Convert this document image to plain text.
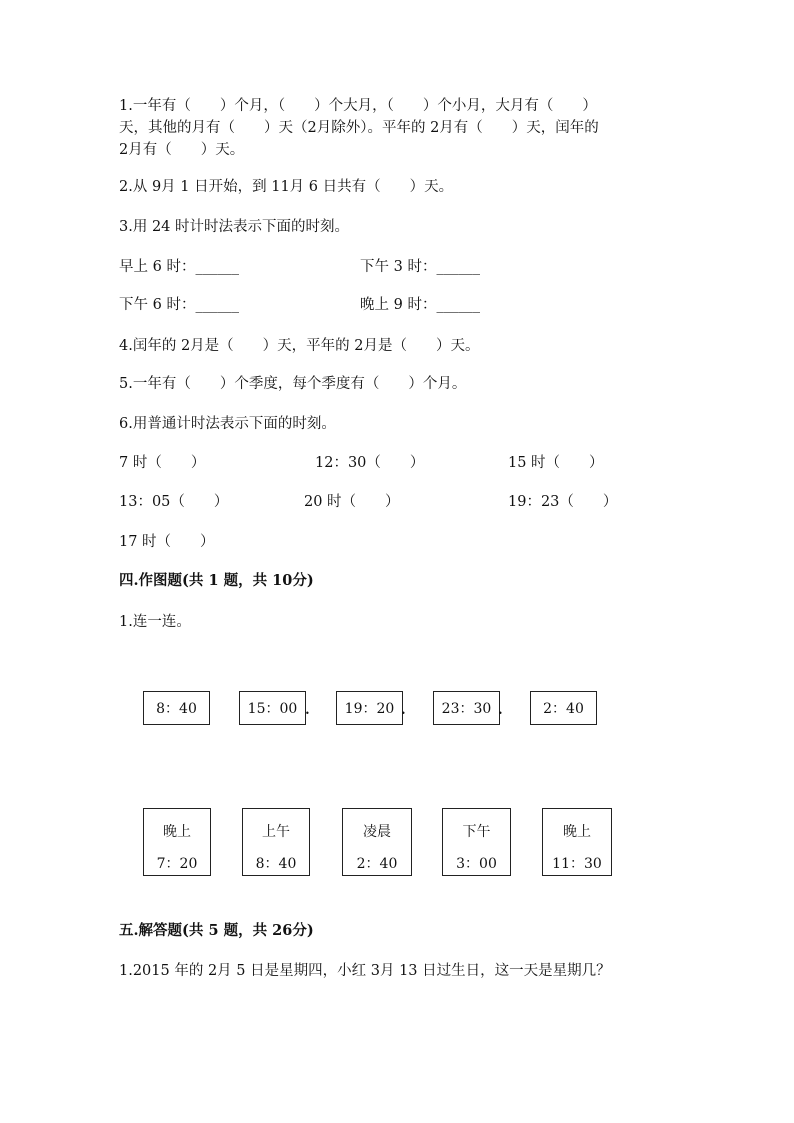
1.一年有（　　）个月，（　　）个大月，（　　）个小月，大月有（　　）
天，其他的月有（　　）天（2月除外）。平年的 2月有（　　）天，闰年的
2月有（　　）天。
2.从 9月 1 日开始，到 11月 6 日共有（　　）天。
3.用 24 时计时法表示下面的时刻。
早上 6 时：______	下午 3 时：______
下午 6 时：______	晚上 9 时：______
4.闰年的 2月是（　　）天，平年的 2月是（　　）天。
5.一年有（　　）个季度，每个季度有（　　）个月。
6.用普通计时法表示下面的时刻。
7 时（　　）	12：30（　　）	15 时（　　）
13：05（　　）	20 时（　　）	19：23（　　）
17 时（　　）
四.作图题(共 1 题，共 10分)
1.连一连。
8：40	15：00 • 19：20 •	23：30 •	2：40
晚上
7：20
上午
8：40
凌晨
2：40
下午
3：00
晚上
11：30
五.解答题(共 5 题，共 26分)
1.2015 年的 2月 5 日是星期四，小红 3月 13 日过生日，这一天是星期几？
